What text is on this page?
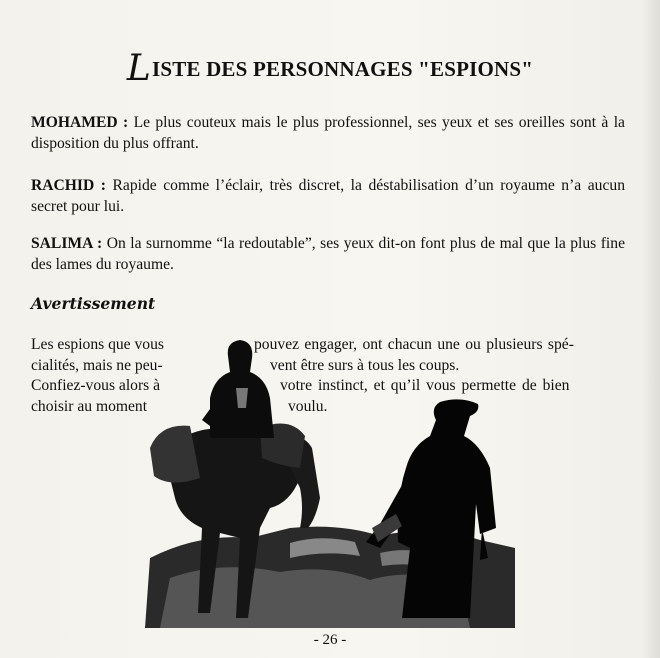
LISTE DES PERSONNAGES "ESPIONS"
MOHAMED : Le plus couteux mais le plus professionnel, ses yeux et ses oreilles sont à la disposition du plus offrant.
RACHID : Rapide comme l’éclair, très discret, la déstabilisation d’un royaume n’a aucun secret pour lui.
SALIMA : On la surnomme “la redoutable”, ses yeux dit-on font plus de mal que la plus fine des lames du royaume.
Avertissement
Les espions que vous
cialités, mais ne peu-
Confiez-vous alors à
choisir au moment
pouvez engager, ont chacun une ou plusieurs spé-
vent être surs à tous les coups.
votre instinct, et qu’il vous permette de bien
voulu.
- 26 -
